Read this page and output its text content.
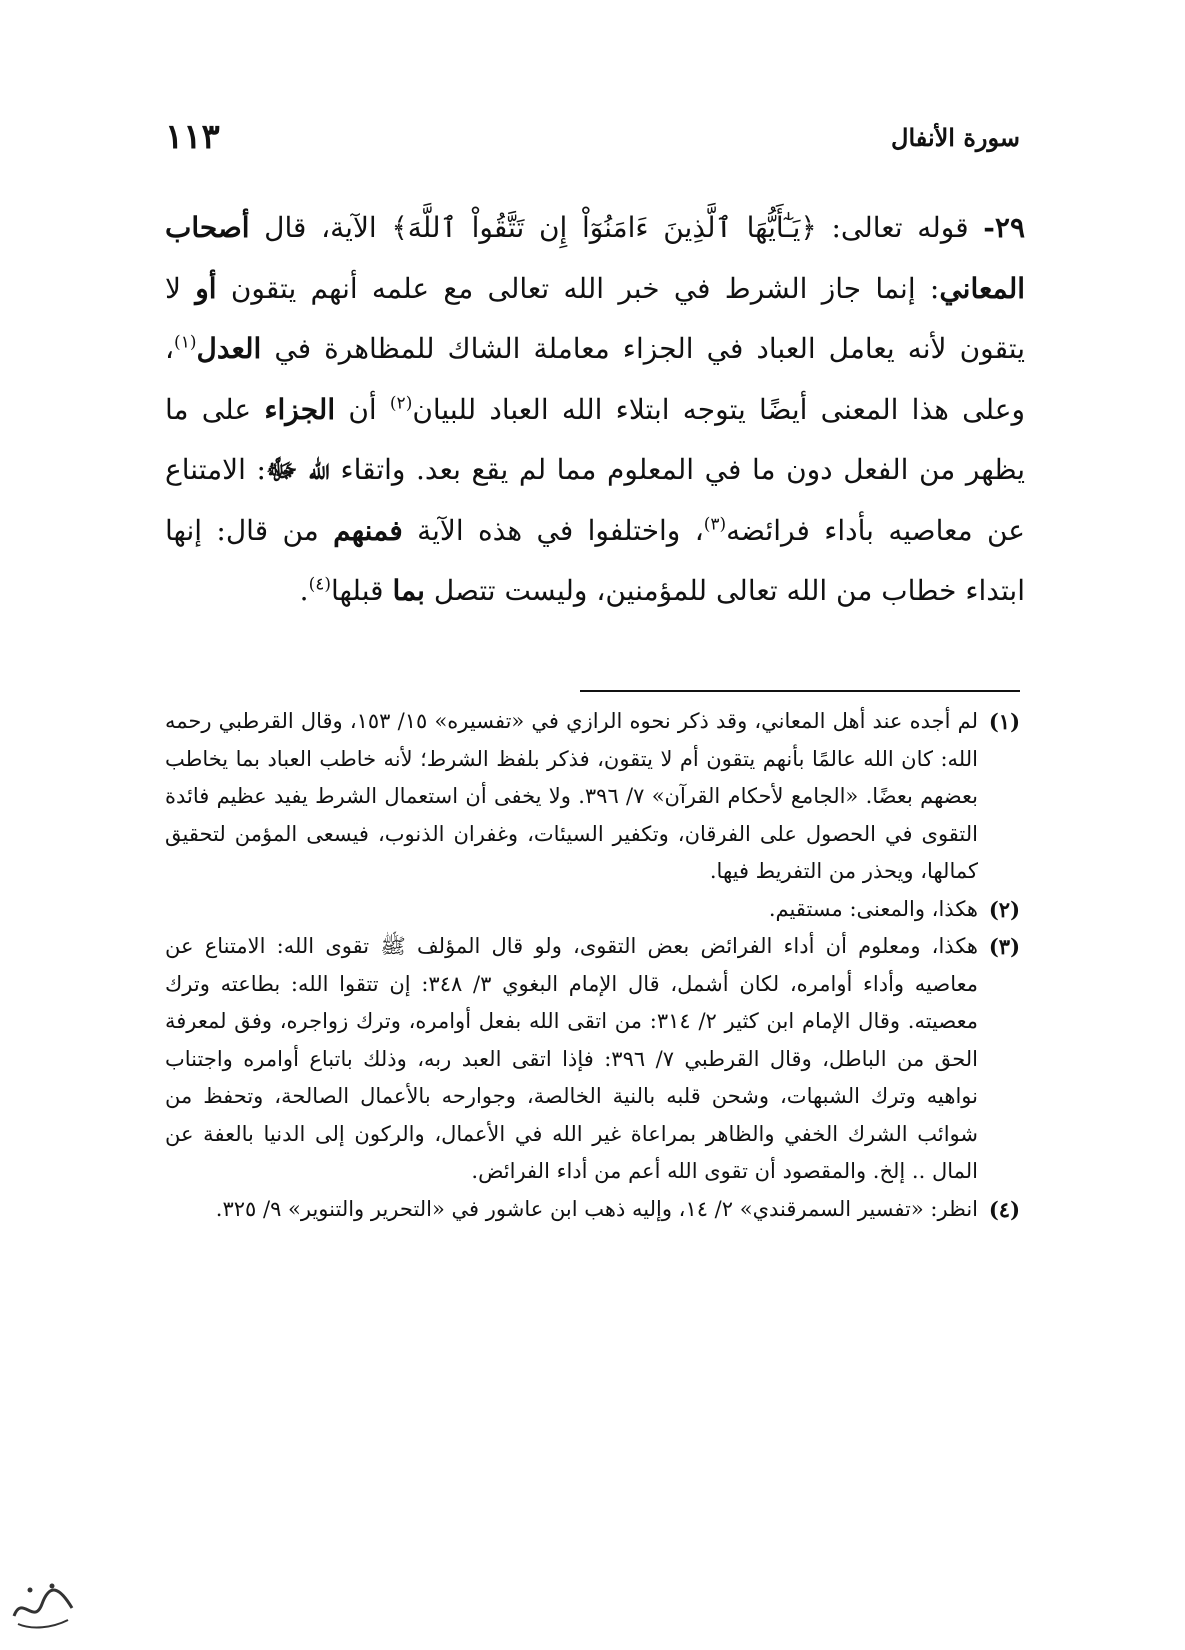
سورة الأنفال
١١٣

٢٩- قوله تعالى: ﴿يَـٰٓأَيُّهَا ٱلَّذِينَ ءَامَنُوٓاْ إِن تَتَّقُواْ ٱللَّهَ﴾ الآية، قال أصحاب المعاني: إنما جاز الشرط في خبر الله تعالى مع علمه أنهم يتقون أو لا يتقون لأنه يعامل العباد في الجزاء معاملة الشاك للمظاهرة في العدل$^{(١)}$، وعلى هذا المعنى أيضًا يتوجه ابتلاء الله العباد للبيان$^{(٢)}$ أن الجزاء على ما يظهر من الفعل دون ما في المعلوم مما لم يقع بعد. واتقاء الله ﷻ: الامتناع عن معاصيه بأداء فرائضه$^{(٣)}$، واختلفوا في هذه الآية فمنهم من قال: إنها ابتداء خطاب من الله تعالى للمؤمنين، وليست تتصل بما قبلها$^{(٤)}$.

(١)
لم أجده عند أهل المعاني، وقد ذكر نحوه الرازي في «تفسيره» ١٥/ ١٥٣، وقال القرطبي رحمه الله: كان الله عالمًا بأنهم يتقون أم لا يتقون، فذكر بلفظ الشرط؛ لأنه خاطب العباد بما يخاطب بعضهم بعضًا. «الجامع لأحكام القرآن» ٧/ ٣٩٦. ولا يخفى أن استعمال الشرط يفيد عظيم فائدة التقوى في الحصول على الفرقان، وتكفير السيئات، وغفران الذنوب، فيسعى المؤمن لتحقيق كمالها، ويحذر من التفريط فيها.
(٢)
هكذا، والمعنى: مستقيم.
(٣)
هكذا، ومعلوم أن أداء الفرائض بعض التقوى، ولو قال المؤلف ﷺ تقوى الله: الامتناع عن معاصيه وأداء أوامره، لكان أشمل، قال الإمام البغوي ٣/ ٣٤٨: إن تتقوا الله: بطاعته وترك معصيته. وقال الإمام ابن كثير ٢/ ٣١٤: من اتقى الله بفعل أوامره، وترك زواجره، وفق لمعرفة الحق من الباطل، وقال القرطبي ٧/ ٣٩٦: فإذا اتقى العبد ربه، وذلك باتباع أوامره واجتناب نواهيه وترك الشبهات، وشحن قلبه بالنية الخالصة، وجوارحه بالأعمال الصالحة، وتحفظ من شوائب الشرك الخفي والظاهر بمراعاة غير الله في الأعمال، والركون إلى الدنيا بالعفة عن المال .. إلخ. والمقصود أن تقوى الله أعم من أداء الفرائض.
(٤)
انظر: «تفسير السمرقندي» ٢/ ١٤، وإليه ذهب ابن عاشور في «التحرير والتنوير» ٩/ ٣٢٥.
